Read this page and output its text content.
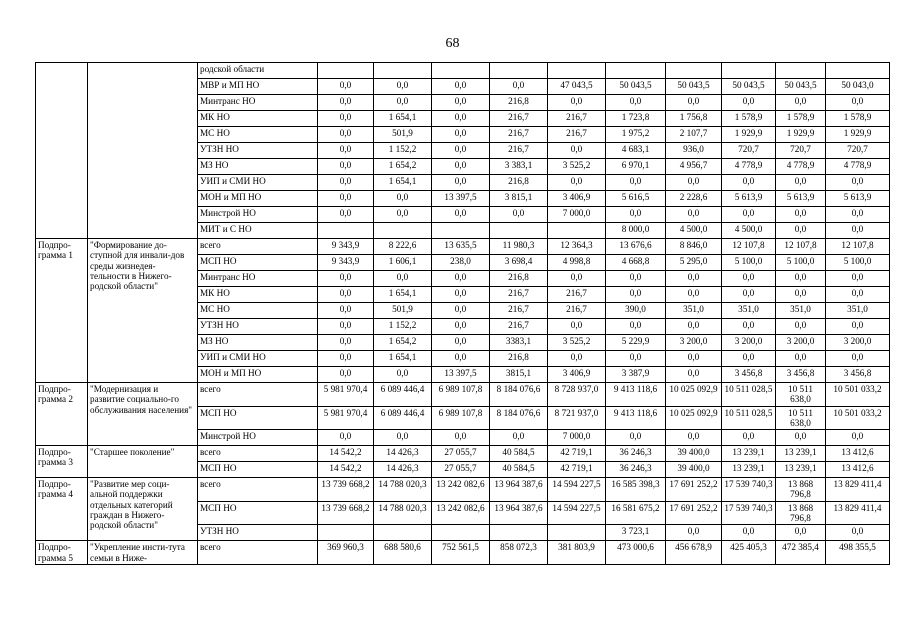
68
		родской области										
		МВР и МП НО	0,0	0,0	0,0	0,0	47 043,5	50 043,5	50 043,5	50 043,5	50 043,5	50 043,0
		Минтранс НО	0,0	0,0	0,0	216,8	0,0	0,0	0,0	0,0	0,0	0,0
		МК НО	0,0	1 654,1	0,0	216,7	216,7	1 723,8	1 756,8	1 578,9	1 578,9	1 578,9
		МС НО	0,0	501,9	0,0	216,7	216,7	1 975,2	2 107,7	1 929,9	1 929,9	1 929,9
		УТЗН НО	0,0	1 152,2	0,0	216,7	0,0	4 683,1	936,0	720,7	720,7	720,7
		МЗ НО	0,0	1 654,2	0,0	3 383,1	3 525,2	6 970,1	4 956,7	4 778,9	4 778,9	4 778,9
		УИП и СМИ НО	0,0	1 654,1	0,0	216,8	0,0	0,0	0,0	0,0	0,0	0,0
		МОН и МП НО	0,0	0,0	13 397,5	3 815,1	3 406,9	5 616,5	2 228,6	5 613,9	5 613,9	5 613,9
		Минстрой НО	0,0	0,0	0,0	0,0	7 000,0	0,0	0,0	0,0	0,0	0,0
		МИТ и С НО						8 000,0	4 500,0	4 500,0	0,0	0,0
Подпро-грамма 1	"Формирование до-ступной для инвали-дов среды жизнедея-тельности в Нижего-родской области"	всего	9 343,9	8 222,6	13 635,5	11 980,3	12 364,3	13 676,6	8 846,0	12 107,8	12 107,8	12 107,8
		МСП НО	9 343,9	1 606,1	238,0	3 698,4	4 998,8	4 668,8	5 295,0	5 100,0	5 100,0	5 100,0
		Минтранс НО	0,0	0,0	0,0	216,8	0,0	0,0	0,0	0,0	0,0	0,0
		МК НО	0,0	1 654,1	0,0	216,7	216,7	0,0	0,0	0,0	0,0	0,0
		МС НО	0,0	501,9	0,0	216,7	216,7	390,0	351,0	351,0	351,0	351,0
		УТЗН НО	0,0	1 152,2	0,0	216,7	0,0	0,0	0,0	0,0	0,0	0,0
		МЗ НО	0,0	1 654,2	0,0	3383,1	3 525,2	5 229,9	3 200,0	3 200,0	3 200,0	3 200,0
		УИП и СМИ НО	0,0	1 654,1	0,0	216,8	0,0	0,0	0,0	0,0	0,0	0,0
		МОН и МП НО	0,0	0,0	13 397,5	3815,1	3 406,9	3 387,9	0,0	3 456,8	3 456,8	3 456,8
Подпро-грамма 2	"Модернизация и развитие социально-го обслуживания населения"	всего	5 981 970,4	6 089 446,4	6 989 107,8	8 184 076,6	8 728 937,0	9 413 118,6	10 025 092,9	10 511 028,5	10 511 638,0	10 501 033,2
		МСП НО	5 981 970,4	6 089 446,4	6 989 107,8	8 184 076,6	8 721 937,0	9 413 118,6	10 025 092,9	10 511 028,5	10 511 638,0	10 501 033,2
		Минстрой НО	0,0	0,0	0,0	0,0	7 000,0	0,0	0,0	0,0	0,0	0,0
Подпро-грамма 3	"Старшее поколение"	всего	14 542,2	14 426,3	27 055,7	40 584,5	42 719,1	36 246,3	39 400,0	13 239,1	13 239,1	13 412,6
		МСП НО	14 542,2	14 426,3	27 055,7	40 584,5	42 719,1	36 246,3	39 400,0	13 239,1	13 239,1	13 412,6
Подпро-грамма 4	"Развитие мер соци-альной поддержки отдельных категорий граждан в Нижего-родской области"	всего	13 739 668,2	14 788 020,3	13 242 082,6	13 964 387,6	14 594 227,5	16 585 398,3	17 691 252,2	17 539 740,3	13 868 796,8	13 829 411,4
		МСП НО	13 739 668,2	14 788 020,3	13 242 082,6	13 964 387,6	14 594 227,5	16 581 675,2	17 691 252,2	17 539 740,3	13 868 796,8	13 829 411,4
		УТЗН НО						3 723,1	0,0	0,0	0,0	0,0
Подпро-грамма 5	"Укрепление инсти-тута семьи в Ниже-	всего	369 960,3	688 580,6	752 561,5	858 072,3	381 803,9	473 000,6	456 678,9	425 405,3	472 385,4	498 355,5
